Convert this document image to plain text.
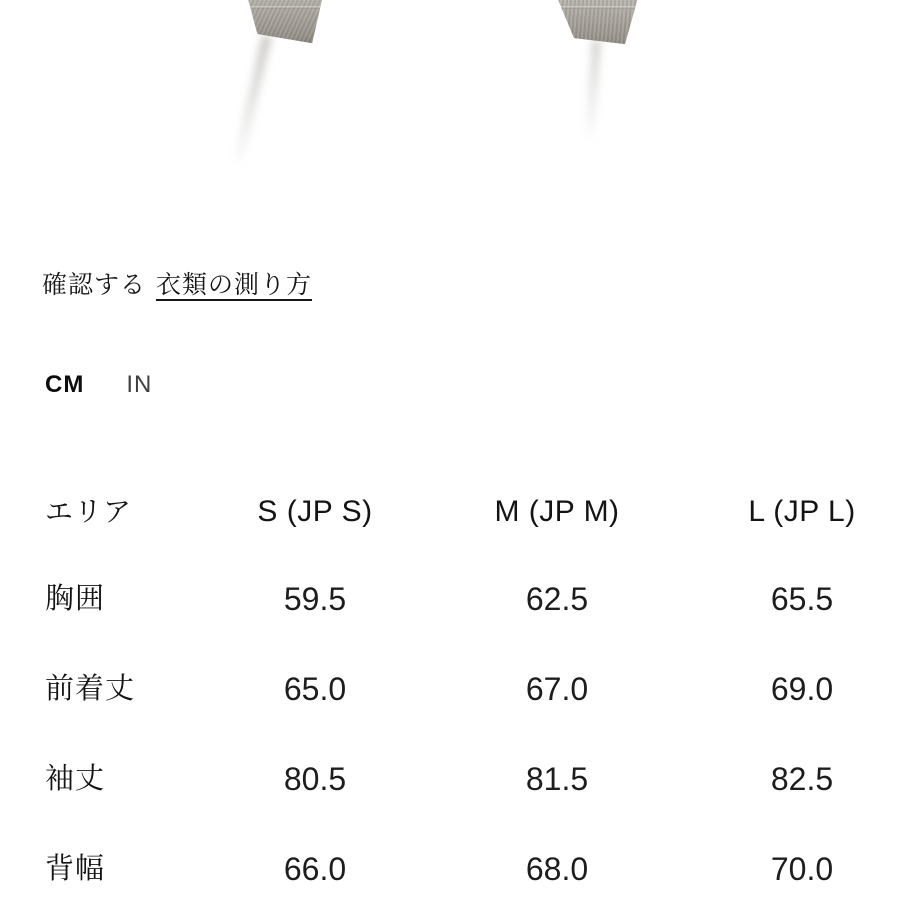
確認する 衣類の測り方
CM IN
エリア	S (JP S)	M (JP M)	L (JP L)
胸囲	59.5	62.5	65.5
前着丈	65.0	67.0	69.0
袖丈	80.5	81.5	82.5
背幅	66.0	68.0	70.0
